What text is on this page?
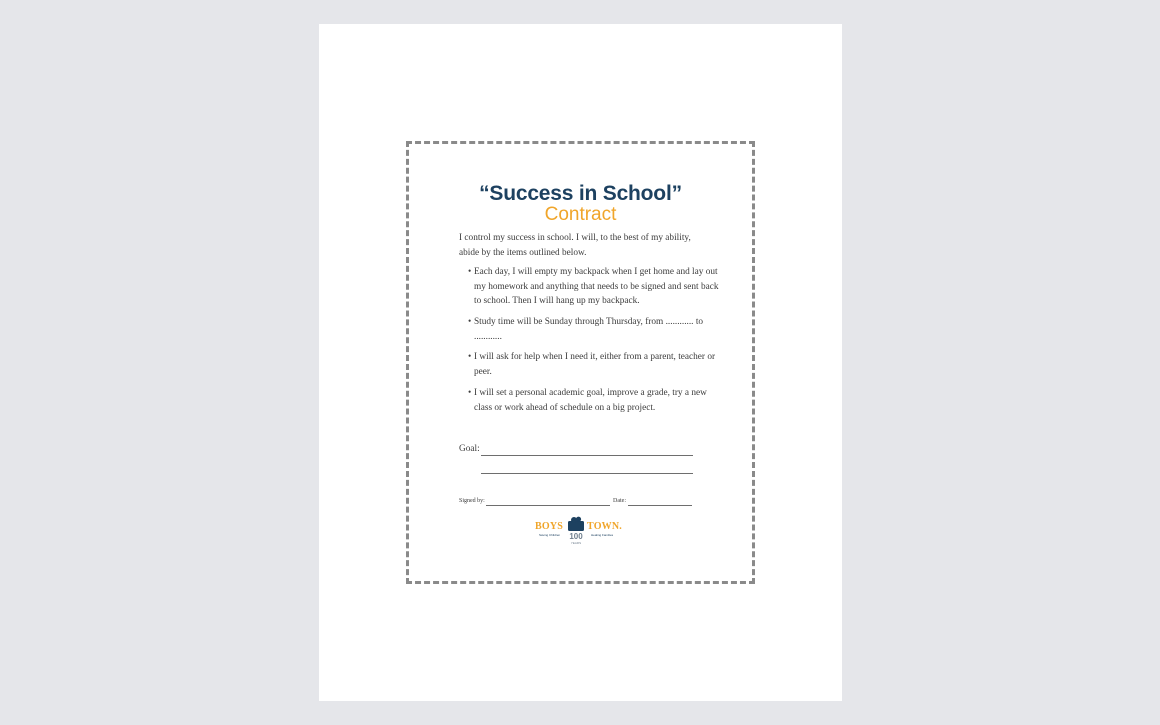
“Success in School”
Contract
I control my success in school. I will, to the best of my ability, abide by the items outlined below.
• Each day, I will empty my backpack when I get home and lay out my homework and anything that needs to be signed and sent back to school. Then I will hang up my backpack.
• Study time will be Sunday through Thursday, from ............ to ............
• I will ask for help when I need it, either from a parent, teacher or peer.
• I will set a personal academic goal, improve a grade, try a new class or work ahead of schedule on a big project.
Goal:
Signed by:	Date:
BOYS TOWN.
Saving Children	Healing Families
100
YEARS
